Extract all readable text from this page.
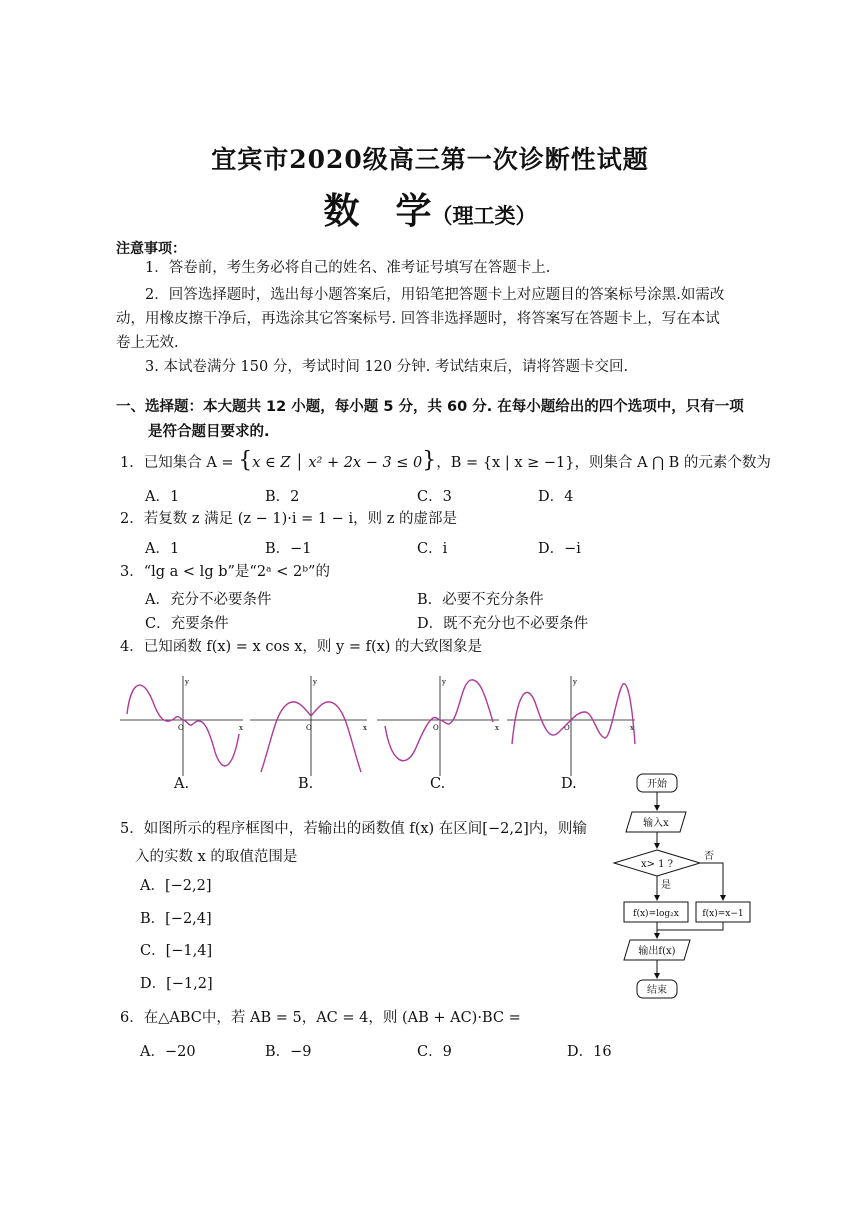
宜宾市2020级高三第一次诊断性试题
数　学（理工类）
注意事项：
1．答卷前，考生务必将自己的姓名、准考证号填写在答题卡上.
2．回答选择题时，选出每小题答案后，用铅笔把答题卡上对应题目的答案标号涂黑.如需改
动，用橡皮擦干净后，再选涂其它答案标号. 回答非选择题时，将答案写在答题卡上，写在本试
卷上无效.
3. 本试卷满分 150 分，考试时间 120 分钟. 考试结束后，请将答题卡交回.
一、选择题：本大题共 12 小题，每小题 5 分，共 60 分. 在每小题给出的四个选项中，只有一项
是符合题目要求的.
1．已知集合 A = {x ∈ Z │ x² + 2x − 3 ≤ 0}，B = {x | x ≥ −1}，则集合 A ⋂ B 的元素个数为
A．1	B．2	C．3	D．4
2．若复数 z 满足 (z − 1)·i = 1 − i，则 z 的虚部是
A．1	B．−1	C．i	D．−i
3．“lg a < lg b”是“2ᵃ < 2ᵇ”的
A．充分不必要条件	B．必要不充分条件
C．充要条件	D．既不充分也不必要条件
4．已知函数 f(x) = x cos x，则 y = f(x) 的大致图象是
y
x
O
y
x
O
y
x
O
y
x
O
A.	B.	C.	D.
5．如图所示的程序框图中，若输出的函数值 f(x) 在区间[−2,2]内，则输
入的实数 x 的取值范围是
A．[−2,2]
B．[−2,4]
C．[−1,4]
D．[−1,2]
开始
输入x
x> 1 ?
否
是
f(x)=log₂x	f(x)=x−1
输出f(x)
结束
6．在△ABC中，若 AB = 5，AC = 4，则 (AB + AC)·BC =
A．−20	B．−9	C．9	D．16
